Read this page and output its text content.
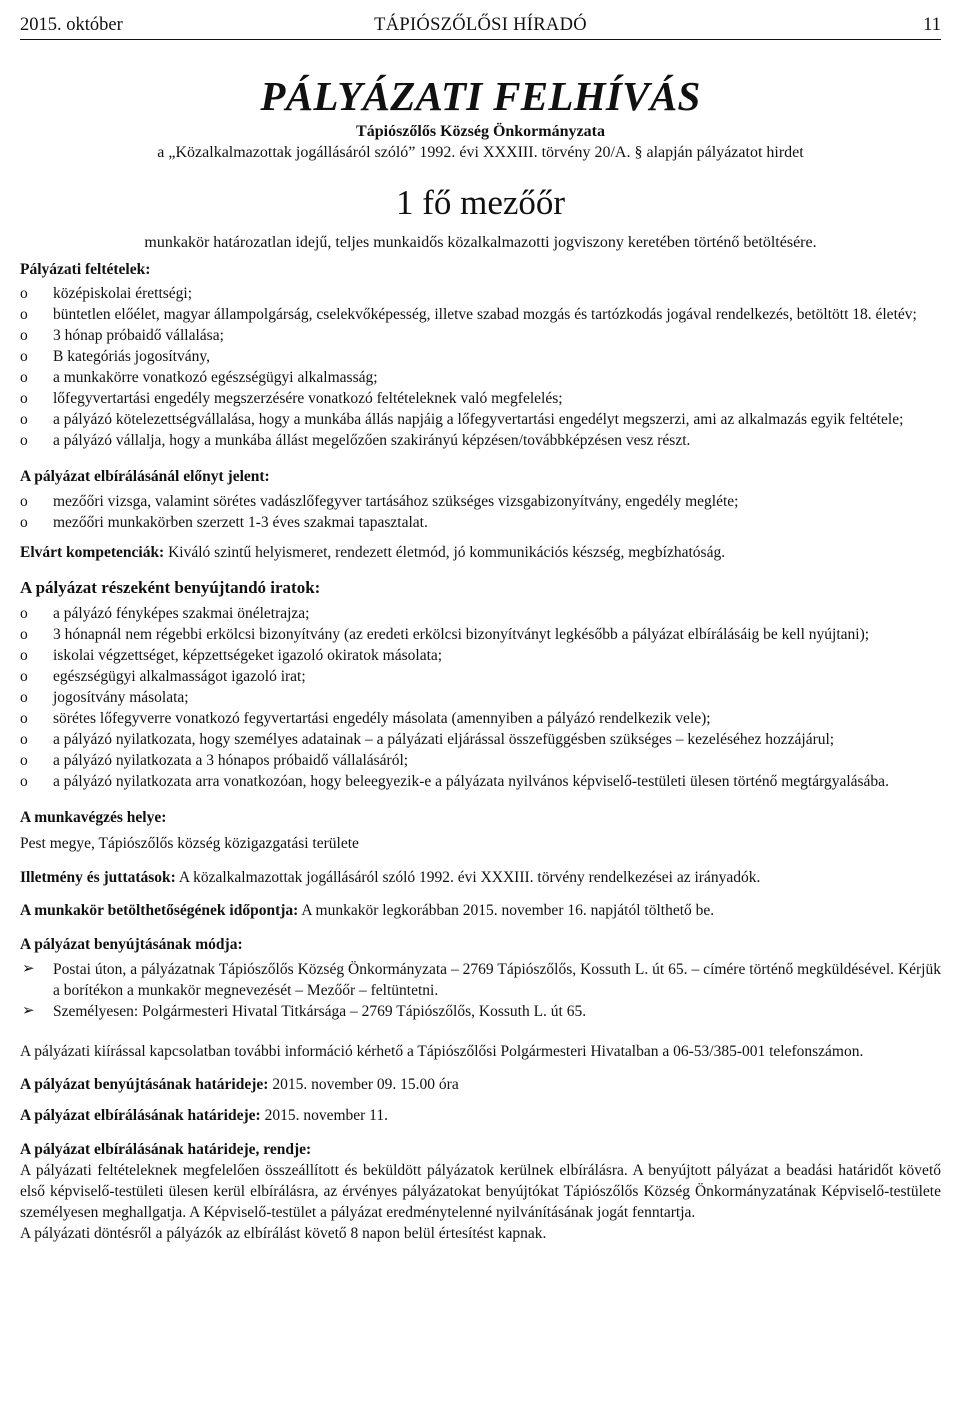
2015. október	TÁPIÓSZŐLŐSI HÍRADÓ	11
PÁLYÁZATI FELHÍVÁS
Tápiószőlős Község Önkormányzata
a „Közalkalmazottak jogállásáról szóló” 1992. évi XXXIII. törvény 20/A. § alapján pályázatot hirdet
1 fő mezőőr
munkakör határozatlan idejű, teljes munkaidős közalkalmazotti jogviszony keretében történő betöltésére.
Pályázati feltételek:
o középiskolai érettségi;
o büntetlen előélet, magyar állampolgárság, cselekvőképesség, illetve szabad mozgás és tartózkodás jogával rendelkezés, betöltött 18. életév;
o 3 hónap próbaidő vállalása;
o B kategóriás jogosítvány,
o a munkakörre vonatkozó egészségügyi alkalmasság;
o lőfegyvertartási engedély megszerzésére vonatkozó feltételeknek való megfelelés;
o a pályázó kötelezettségvállalása, hogy a munkába állás napjáig a lőfegyvertartási engedélyt megszerzi, ami az alkalmazás egyik feltétele;
o a pályázó vállalja, hogy a munkába állást megelőzően szakirányú képzésen/továbbképzésen vesz részt.
A pályázat elbírálásánál előnyt jelent:
o mezőőri vizsga, valamint sörétes vadászlőfegyver tartásához szükséges vizsgabizonyítvány, engedély megléte;
o mezőőri munkakörben szerzett 1-3 éves szakmai tapasztalat.
Elvárt kompetenciák: Kiváló szintű helyismeret, rendezett életmód, jó kommunikációs készség, megbízhatóság.
A pályázat részeként benyújtandó iratok:
o a pályázó fényképes szakmai önéletrajza;
o 3 hónapnál nem régebbi erkölcsi bizonyítvány (az eredeti erkölcsi bizonyítványt legkésőbb a pályázat elbírálásáig be kell nyújtani);
o iskolai végzettséget, képzettségeket igazoló okiratok másolata;
o egészségügyi alkalmasságot igazoló irat;
o jogosítvány másolata;
o sörétes lőfegyverre vonatkozó fegyvertartási engedély másolata (amennyiben a pályázó rendelkezik vele);
o a pályázó nyilatkozata, hogy személyes adatainak – a pályázati eljárással összefüggésben szükséges – kezeléséhez hozzájárul;
o a pályázó nyilatkozata a 3 hónapos próbaidő vállalásáról;
o a pályázó nyilatkozata arra vonatkozóan, hogy beleegyezik-e a pályázata nyilvános képviselő-testületi ülesen történő megtárgyalásába.
A munkavégzés helye:
Pest megye, Tápiószőlős község közigazgatási területe
Illetmény és juttatások: A közalkalmazottak jogállásáról szóló 1992. évi XXXIII. törvény rendelkezései az irányadók.
A munkakör betölthetőségének időpontja: A munkakör legkorábban 2015. november 16. napjától tölthető be.
A pályázat benyújtásának módja:
➢ Postai úton, a pályázatnak Tápiószőlős Község Önkormányzata – 2769 Tápiószőlős, Kossuth L. út 65. – címére történő megküldésével. Kérjük a borítékon a munkakör megnevezését – Mezőőr – feltüntetni.
➢ Személyesen: Polgármesteri Hivatal Titkársága – 2769 Tápiószőlős, Kossuth L. út 65.
A pályázati kiírással kapcsolatban további információ kérhető a Tápiószőlősi Polgármesteri Hivatalban a 06-53/385-001 telefonszámon.
A pályázat benyújtásának határideje: 2015. november 09. 15.00 óra
A pályázat elbírálásának határideje: 2015. november 11.
A pályázat elbírálásának határideje, rendje:
A pályázati feltételeknek megfelelően összeállított és beküldött pályázatok kerülnek elbírálásra. A benyújtott pályázat a beadási határidőt követő első képviselő-testületi ülesen kerül elbírálásra, az érvényes pályázatokat benyújtókat Tápiószőlős Község Önkormányzatának Képviselő-testülete személyesen meghallgatja. A Képviselő-testület a pályázat eredménytelenné nyilvánításának jogát fenntartja.
A pályázati döntésről a pályázók az elbírálást követő 8 napon belül értesítést kapnak.
